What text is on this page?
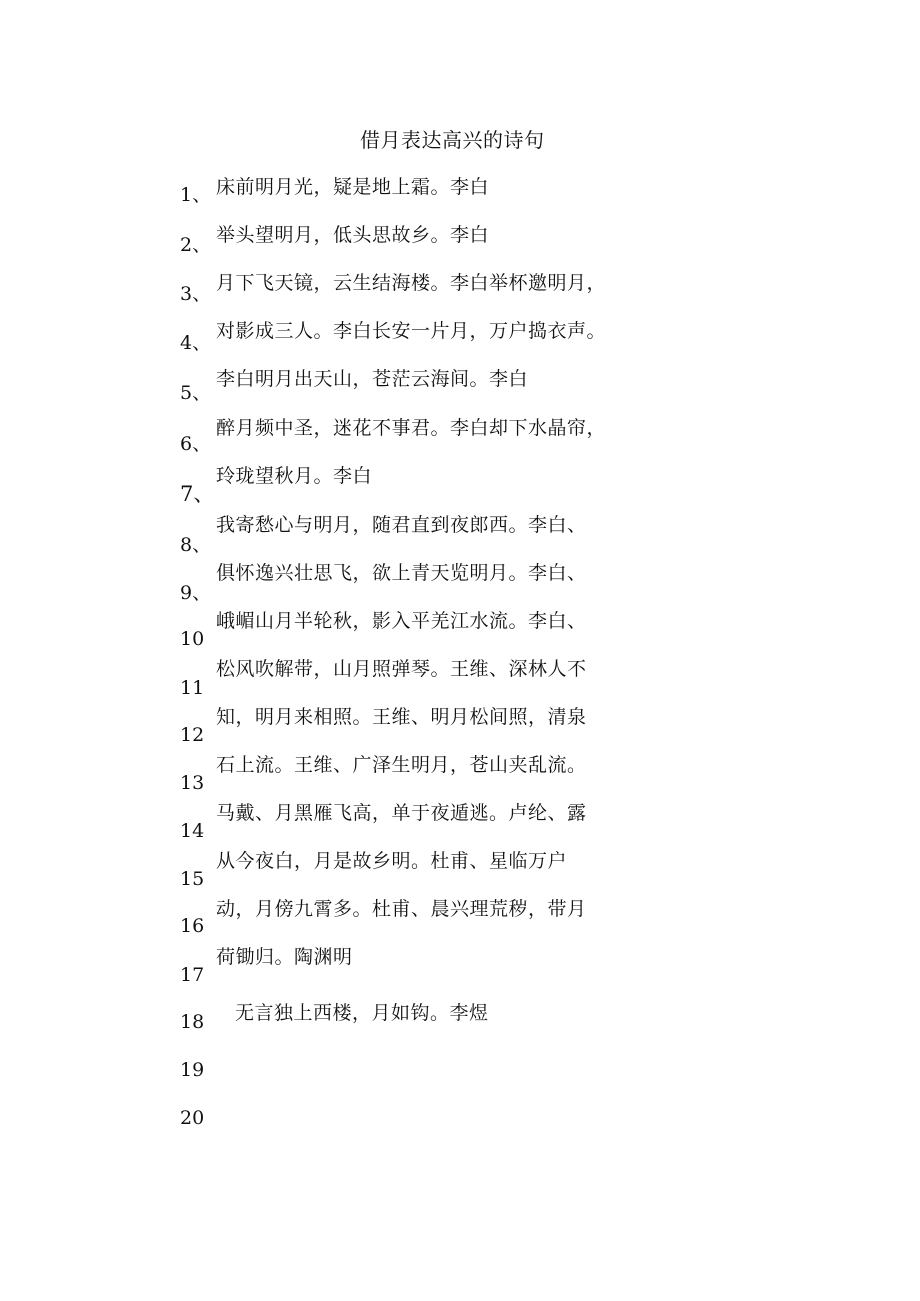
借月表达高兴的诗句
1、
2、
3、
4、
5、
6、
7、
8、
9、
10
11
12
13
14
15
16
17
18
19
20
床前明月光，疑是地上霜。李白
举头望明月，低头思故乡。李白
月下飞天镜，云生结海楼。李白举杯邀明月，
对影成三人。李白长安一片月，万户捣衣声。
李白明月出天山，苍茫云海间。李白
醉月频中圣，迷花不事君。李白却下水晶帘，
玲珑望秋月。李白
我寄愁心与明月，随君直到夜郎西。李白、
俱怀逸兴壮思飞，欲上青天览明月。李白、
峨嵋山月半轮秋，影入平羌江水流。李白、
松风吹解带，山月照弹琴。王维、深林人不
知，明月来相照。王维、明月松间照，清泉
石上流。王维、广泽生明月，苍山夹乱流。
马戴、月黑雁飞高，单于夜遁逃。卢纶、露
从今夜白，月是故乡明。杜甫、星临万户
动，月傍九霄多。杜甫、晨兴理荒秽，带月
荷锄归。陶渊明
无言独上西楼，月如钩。李煜
